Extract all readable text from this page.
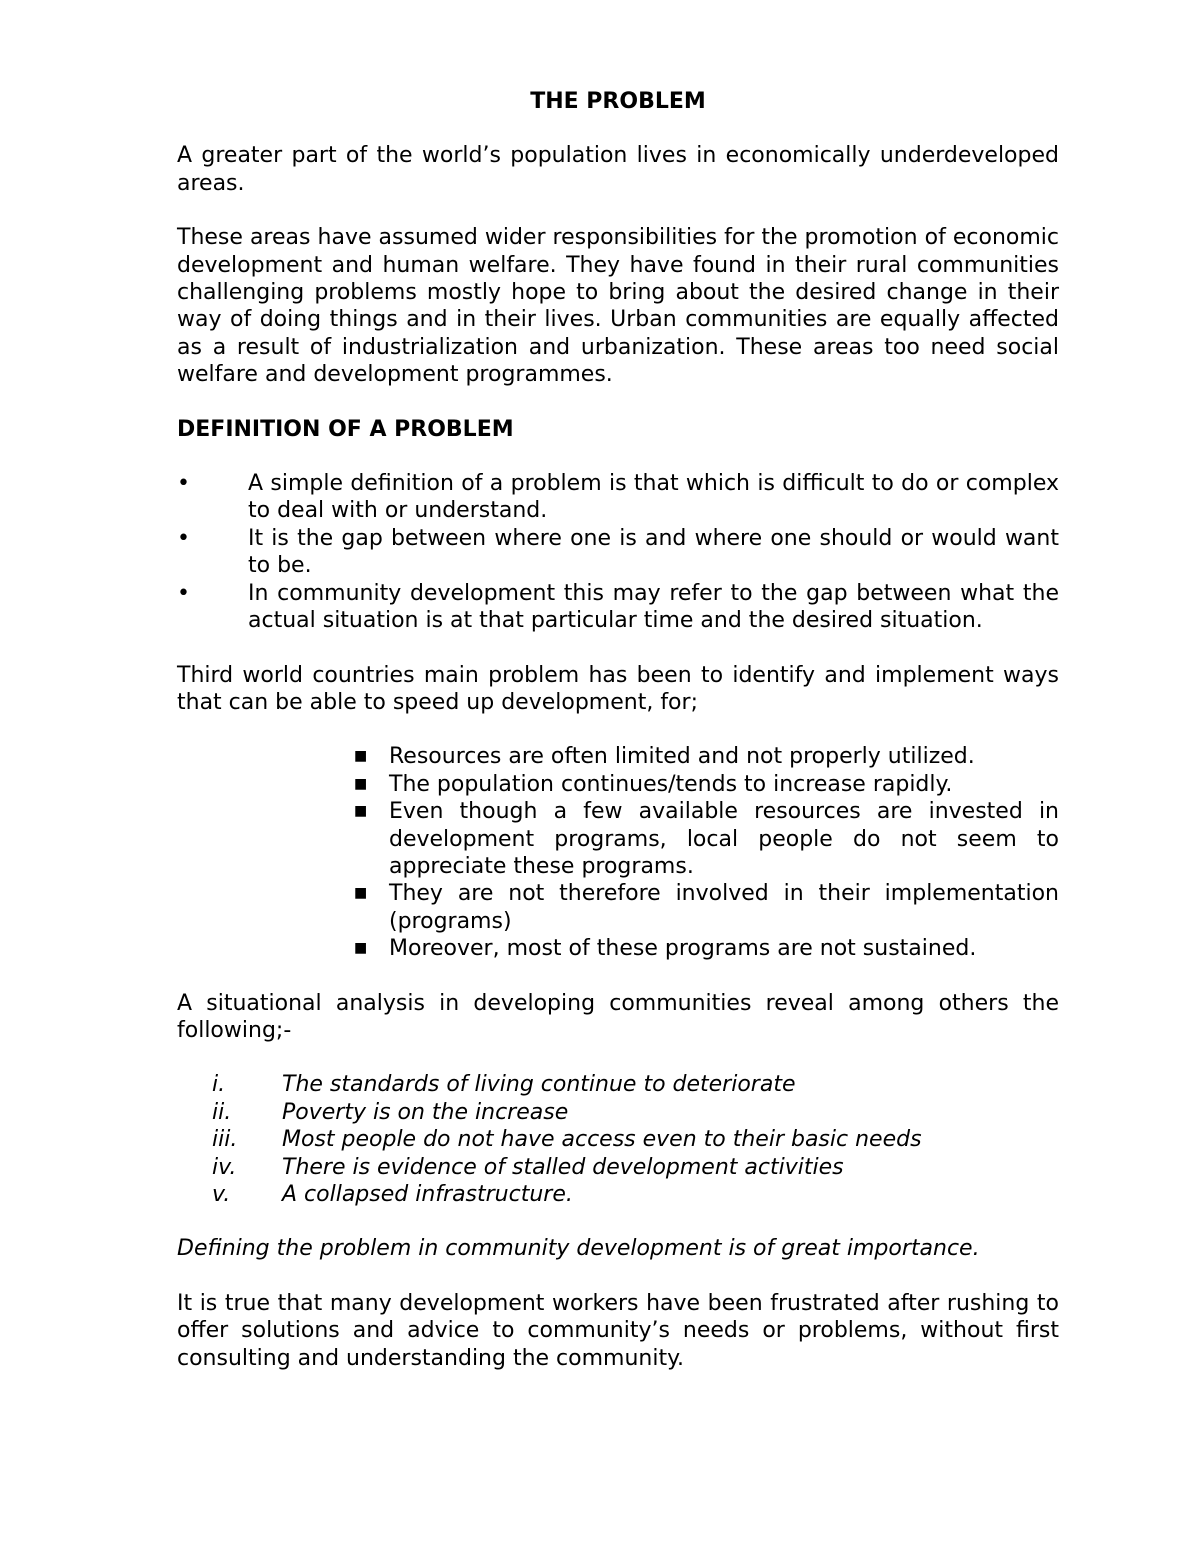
THE PROBLEM

A greater part of the world’s population lives in economically underdeveloped areas.

These areas have assumed wider responsibilities for the promotion of economic development and human welfare. They have found in their rural communities challenging problems mostly hope to bring about the desired change in their way of doing things and in their lives. Urban communities are equally affected as a result of industrialization and urbanization. These areas too need social welfare and development programmes.

DEFINITION OF A PROBLEM
•	A simple definition of a problem is that which is difficult to do or complex to deal with or understand.
•	It is the gap between where one is and where one should or would want to be.
•	In community development this may refer to the gap between what the actual situation is at that particular time and the desired situation.

Third world countries main problem has been to identify and implement ways that can be able to speed up development, for;

■ Resources are often limited and not properly utilized.
■ The population continues/tends to increase rapidly.
■ Even though a few available resources are invested in development programs, local people do not seem to appreciate these programs.
■ They are not therefore involved in their implementation (programs)
■ Moreover, most of these programs are not sustained.

A situational analysis in developing communities reveal among others the following;-

i.	The standards of living continue to deteriorate
ii. Poverty is on the increase
iii. Most people do not have access even to their basic needs
iv. There is evidence of stalled development activities
v. A collapsed infrastructure.

Defining the problem in community development is of great importance.

It is true that many development workers have been frustrated after rushing to offer solutions and advice to community’s needs or problems, without first consulting and understanding the community.
